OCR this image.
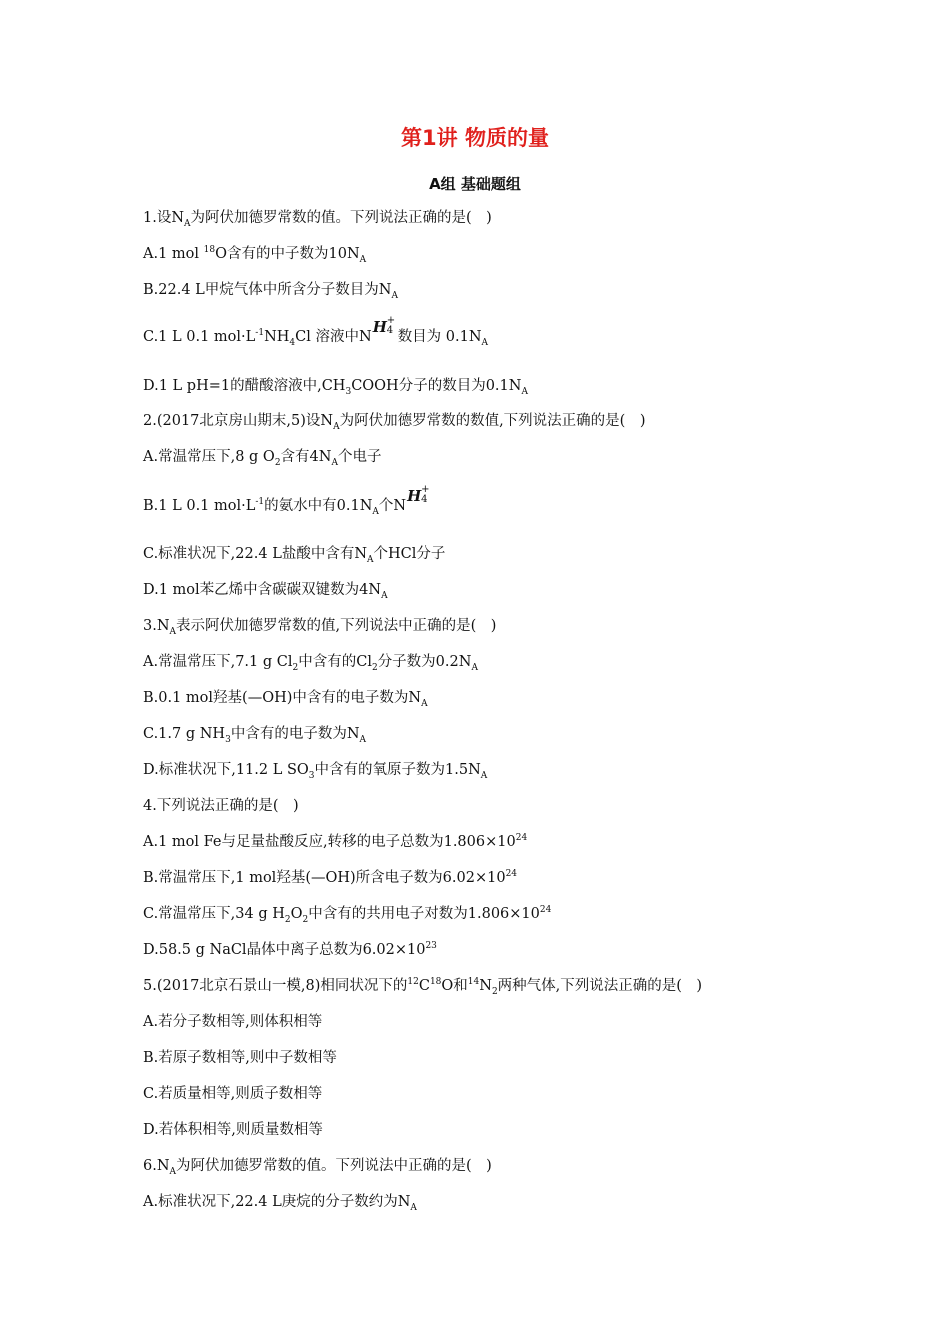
第1讲 物质的量
A组 基础题组
1.设$N_A$为阿伏加德罗常数的值。下列说法正确的是(　)
A.1 mol $^{18}$O含有的中子数为$10N_A$
B.22.4 L甲烷气体中所含分子数目为$N_A$
C.1 L 0.1 $mol\cdot L^{-1}NH_4Cl$ 溶液中N
H +
4 数目为 $0.1N_A$
D.1 L pH=1的醋酸溶液中$,CH_3COOH$分子的数目为$0.1N_A$
2.(2017北京房山期末,5)设$N_A$为阿伏加德罗常数的数值,下列说法正确的是(　)
A.常温常压下,8 g $O_2$含有$4N_A$个电子
B.1 L 0.1 $mol\cdot L^{-1}$的氨水中有$0.1N_A$个N
H +
4
C.标准状况下,22.4 L盐酸中含有$N_A$个HCl分子
D.1 mol苯乙烯中含碳碳双键数为$4N_A$
$3.N_A$表示阿伏加德罗常数的值,下列说法中正确的是(　)
A.常温常压下,7.1 g $Cl_2$中含有的$Cl_2$分子数为$0.2N_A$
B.0.1 mol羟基(—OH)中含有的电子数为$N_A$
C.1.7 g $NH_3$中含有的电子数为$N_A$
D.标准状况下,11.2 L $SO_3$中含有的氧原子数为$1.5N_A$
4.下列说法正确的是(　)
A.1 mol Fe与足量盐酸反应,转移的电子总数为$1.806\times 10^{24}$
B.常温常压下,1 mol羟基(—OH)所含电子数为$6.02\times 10^{24}$
C.常温常压下,34 g $H_2O_2$中含有的共用电子对数为$1.806\times 10^{24}$
D.58.5 g NaCl晶体中离子总数为$6.02\times 10^{23}$
5.(2017北京石景山一模,8)相同状况下的$^{12}C^{18}O$和$^{14}N_2$两种气体,下列说法正确的是(　)
A.若分子数相等,则体积相等
B.若原子数相等,则中子数相等
C.若质量相等,则质子数相等
D.若体积相等,则质量数相等
$6.N_A$为阿伏加德罗常数的值。下列说法中正确的是(　)
A.标准状况下,22.4 L庚烷的分子数约为$N_A$
